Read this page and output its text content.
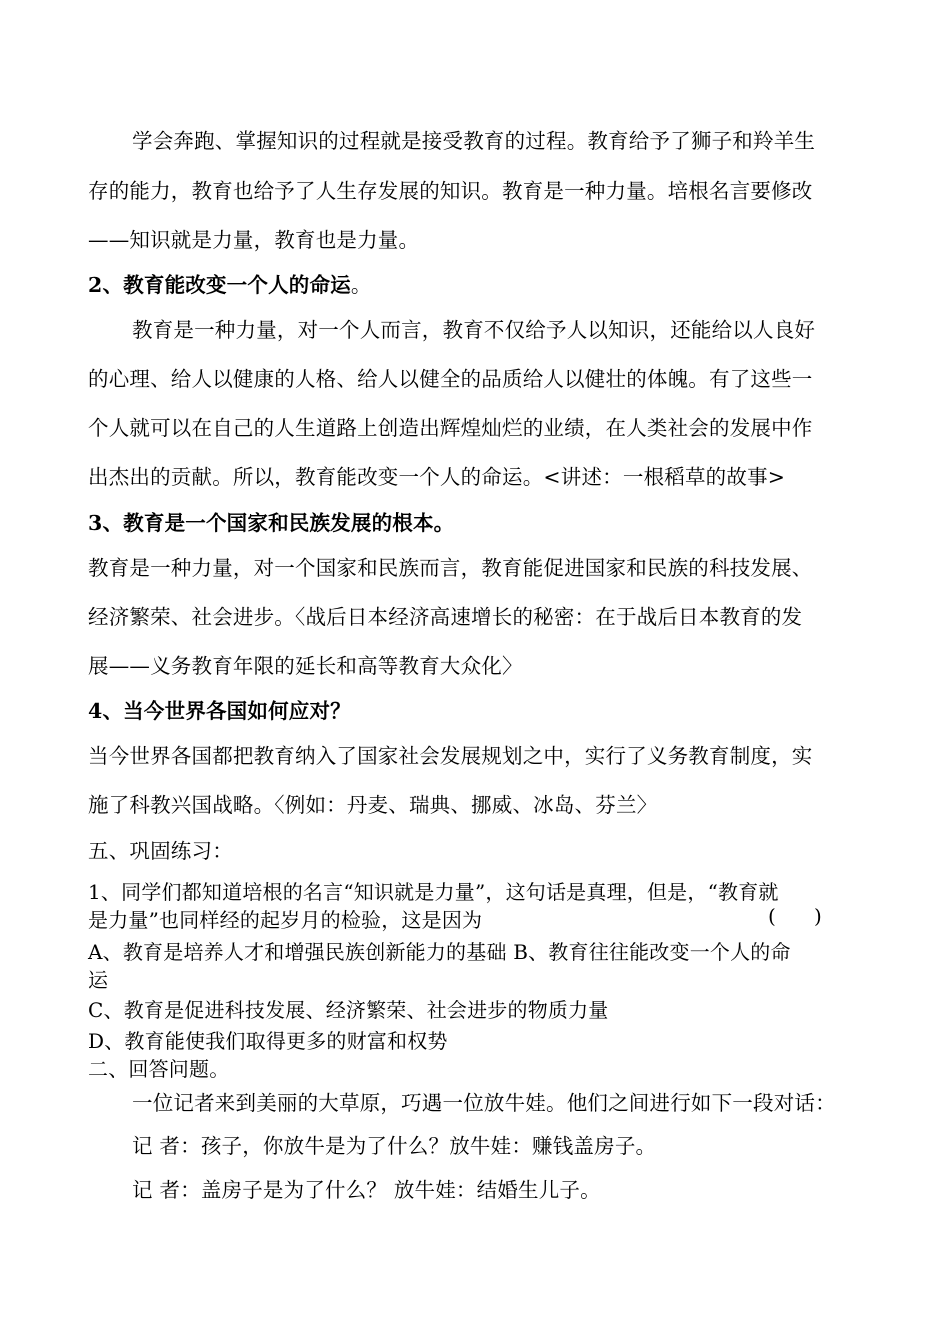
学会奔跑、掌握知识的过程就是接受教育的过程。教育给予了狮子和羚羊生

存的能力，教育也给予了人生存发展的知识。教育是一种力量。培根名言要修改

——知识就是力量，教育也是力量。

2、教育能改变一个人的命运。

教育是一种力量，对一个人而言，教育不仅给予人以知识，还能给以人良好

的心理、给人以健康的人格、给人以健全的品质给人以健壮的体魄。有了这些一

个人就可以在自己的人生道路上创造出辉煌灿烂的业绩，在人类社会的发展中作

出杰出的贡献。所以，教育能改变一个人的命运。<讲述：一根稻草的故事>

3、教育是一个国家和民族发展的根本。

教育是一种力量，对一个国家和民族而言，教育能促进国家和民族的科技发展、

经济繁荣、社会进步。〈战后日本经济高速增长的秘密：在于战后日本教育的发

展——义务教育年限的延长和高等教育大众化〉

4、当今世界各国如何应对？

当今世界各国都把教育纳入了国家社会发展规划之中，实行了义务教育制度，实

施了科教兴国战略。〈例如：丹麦、瑞典、挪威、冰岛、芬兰〉

五、巩固练习：

1、同学们都知道培根的名言“知识就是力量”，这句话是真理，但是，“教育就

是力量”也同样经的起岁月的检验，这是因为	(      )

A、教育是培养人才和增强民族创新能力的基础 B、教育往往能改变一个人的命

运

C、教育是促进科技发展、经济繁荣、社会进步的物质力量

D、教育能使我们取得更多的财富和权势

二、回答问题。

一位记者来到美丽的大草原，巧遇一位放牛娃。他们之间进行如下一段对话：

记 者：孩子，你放牛是为了什么？放牛娃：赚钱盖房子。

记 者：盖房子是为了什么？ 放牛娃：结婚生儿子。
